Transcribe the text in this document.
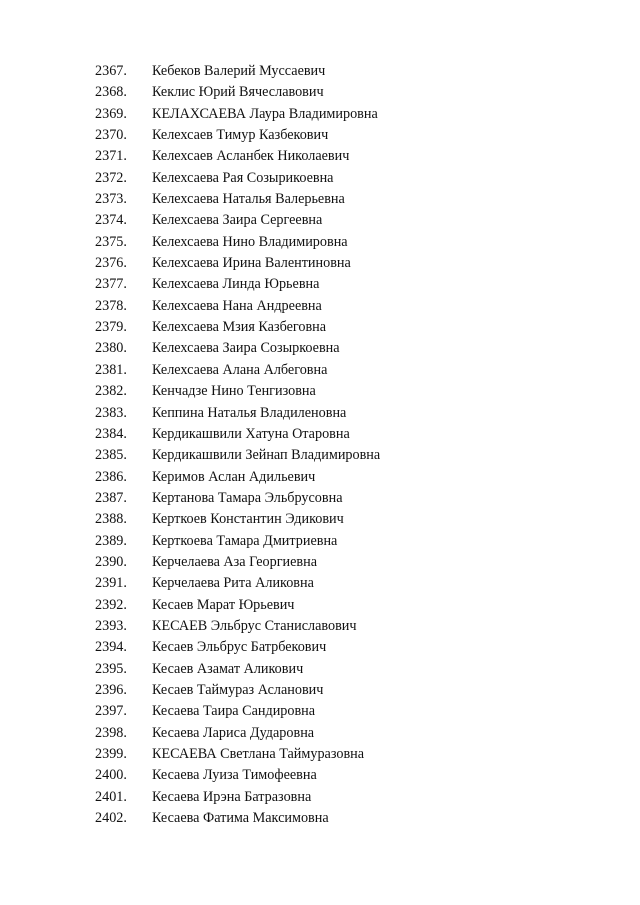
2367.	Кебеков Валерий Муссаевич
2368.	Кеклис Юрий Вячеславович
2369.	КЕЛАХСАЕВА Лаура Владимировна
2370.	Келехсаев Тимур Казбекович
2371.	Келехсаев Асланбек Николаевич
2372.	Келехсаева Рая Созырикоевна
2373.	Келехсаева Наталья Валерьевна
2374.	Келехсаева Заира Сергеевна
2375.	Келехсаева Нино Владимировна
2376.	Келехсаева Ирина Валентиновна
2377.	Келехсаева Линда Юрьевна
2378.	Келехсаева Нана Андреевна
2379.	Келехсаева Мзия Казбеговна
2380.	Келехсаева Заира Созыркоевна
2381.	Келехсаева Алана Албеговна
2382.	Кенчадзе Нино Тенгизовна
2383.	Кеппина Наталья Владиленовна
2384.	Кердикашвили Хатуна Отаровна
2385.	Кердикашвили Зейнап Владимировна
2386.	Керимов Аслан Адильевич
2387.	Кертанова Тамара Эльбрусовна
2388.	Керткоев Константин Эдикович
2389.	Керткоева Тамара Дмитриевна
2390.	Керчелаева Аза Георгиевна
2391.	Керчелаева Рита Аликовна
2392.	Кесаев Марат Юрьевич
2393.	КЕСАЕВ Эльбрус Станиславович
2394.	Кесаев Эльбрус Батрбекович
2395.	Кесаев Азамат Аликович
2396.	Кесаев Таймураз Асланович
2397.	Кесаева Таира Сандировна
2398.	Кесаева Лариса Дударовна
2399.	КЕСАЕВА Светлана Таймуразовна
2400.	Кесаева Луиза Тимофеевна
2401.	Кесаева Ирэна Батразовна
2402.	Кесаева Фатима Максимовна
